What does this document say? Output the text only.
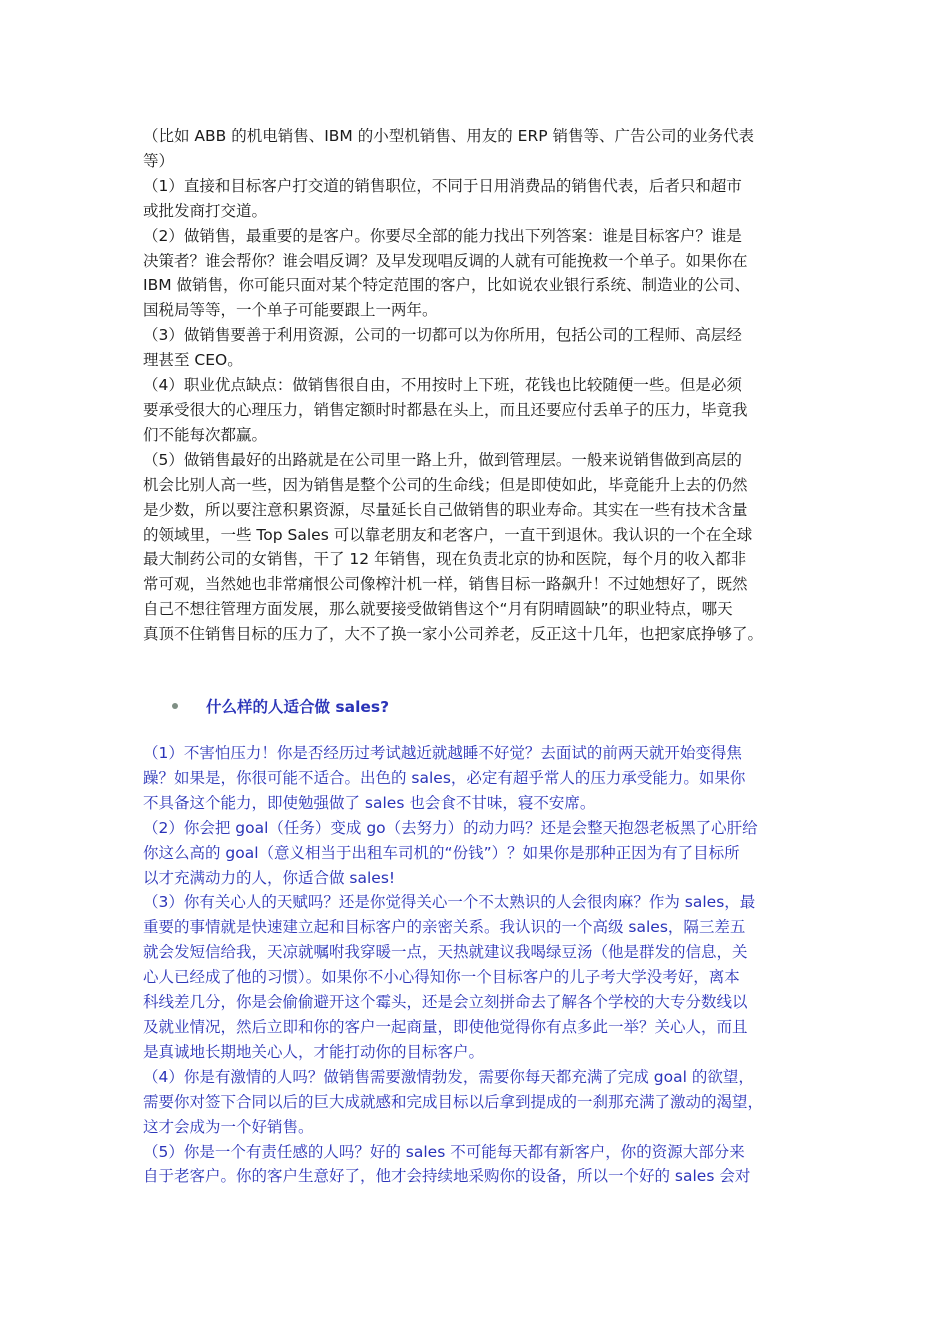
（比如 ABB 的机电销售、IBM 的小型机销售、用友的 ERP 销售等、广告公司的业务代表
等）
（1）直接和目标客户打交道的销售职位，不同于日用消费品的销售代表，后者只和超市
或批发商打交道。
（2）做销售，最重要的是客户。你要尽全部的能力找出下列答案：谁是目标客户？谁是
决策者？谁会帮你？谁会唱反调？及早发现唱反调的人就有可能挽救一个单子。如果你在
IBM 做销售，你可能只面对某个特定范围的客户，比如说农业银行系统、制造业的公司、
国税局等等，一个单子可能要跟上一两年。
（3）做销售要善于利用资源，公司的一切都可以为你所用，包括公司的工程师、高层经
理甚至 CEO。
（4）职业优点缺点：做销售很自由，不用按时上下班，花钱也比较随便一些。但是必须
要承受很大的心理压力，销售定额时时都悬在头上，而且还要应付丢单子的压力，毕竟我
们不能每次都赢。
（5）做销售最好的出路就是在公司里一路上升，做到管理层。一般来说销售做到高层的
机会比别人高一些，因为销售是整个公司的生命线；但是即使如此，毕竟能升上去的仍然
是少数，所以要注意积累资源，尽量延长自己做销售的职业寿命。其实在一些有技术含量
的领域里，一些 Top Sales 可以靠老朋友和老客户，一直干到退休。我认识的一个在全球
最大制药公司的女销售，干了 12 年销售，现在负责北京的协和医院，每个月的收入都非
常可观，当然她也非常痛恨公司像榨汁机一样，销售目标一路飙升！不过她想好了，既然
自己不想往管理方面发展，那么就要接受做销售这个“月有阴晴圆缺”的职业特点，哪天
真顶不住销售目标的压力了，大不了换一家小公司养老，反正这十几年，也把家底挣够了。
什么样的人适合做 sales?
（1）不害怕压力！你是否经历过考试越近就越睡不好觉？去面试的前两天就开始变得焦
躁？如果是，你很可能不适合。出色的 sales，必定有超乎常人的压力承受能力。如果你
不具备这个能力，即使勉强做了 sales 也会食不甘味，寝不安席。
（2）你会把 goal（任务）变成 go（去努力）的动力吗？还是会整天抱怨老板黑了心肝给
你这么高的 goal（意义相当于出租车司机的“份钱”）？如果你是那种正因为有了目标所
以才充满动力的人，你适合做 sales!
（3）你有关心人的天赋吗？还是你觉得关心一个不太熟识的人会很肉麻？作为 sales，最
重要的事情就是快速建立起和目标客户的亲密关系。我认识的一个高级 sales，隔三差五
就会发短信给我，天凉就嘱咐我穿暖一点，天热就建议我喝绿豆汤（他是群发的信息，关
心人已经成了他的习惯）。如果你不小心得知你一个目标客户的儿子考大学没考好，离本
科线差几分，你是会偷偷避开这个霉头，还是会立刻拼命去了解各个学校的大专分数线以
及就业情况，然后立即和你的客户一起商量，即使他觉得你有点多此一举？关心人，而且
是真诚地长期地关心人，才能打动你的目标客户。
（4）你是有激情的人吗？做销售需要激情勃发，需要你每天都充满了完成 goal 的欲望，
需要你对签下合同以后的巨大成就感和完成目标以后拿到提成的一刹那充满了激动的渴望，
这才会成为一个好销售。
（5）你是一个有责任感的人吗？好的 sales 不可能每天都有新客户，你的资源大部分来
自于老客户。你的客户生意好了，他才会持续地采购你的设备，所以一个好的 sales 会对
